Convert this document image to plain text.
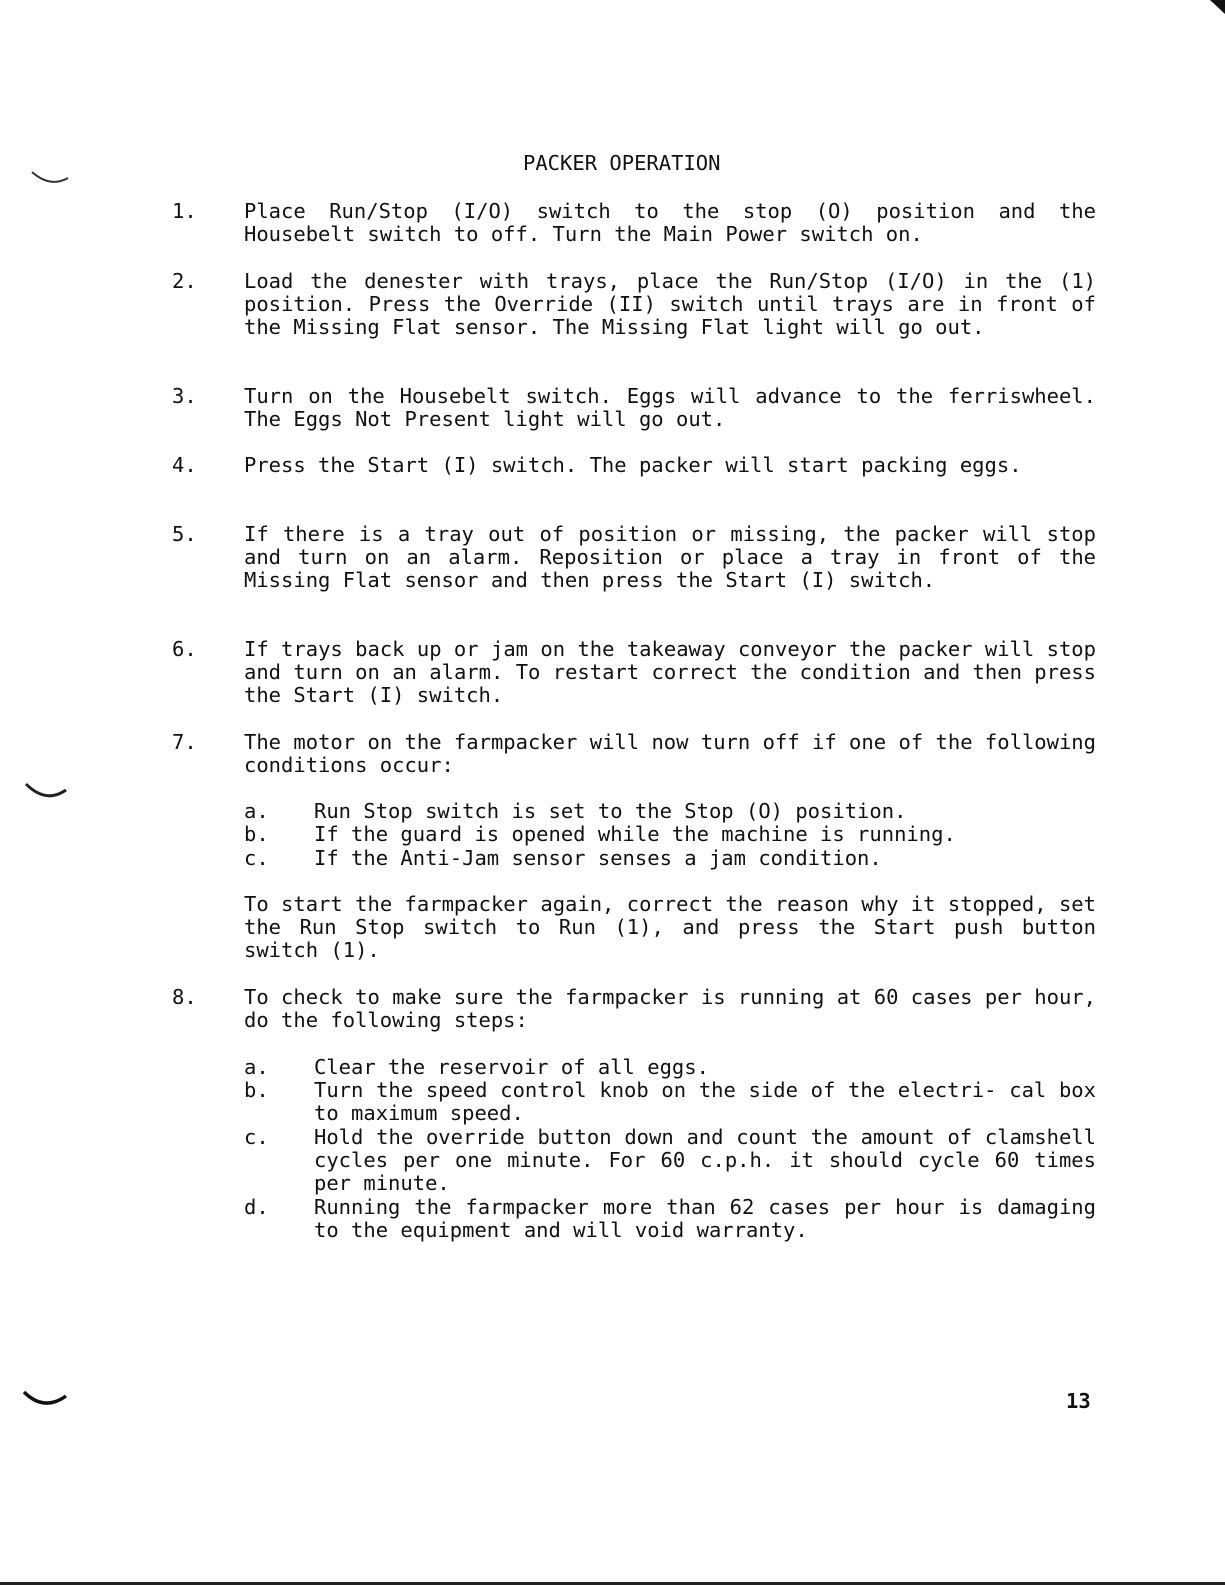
PACKER OPERATION
1. Place Run/Stop (I/O) switch to the stop (O) position and the Housebelt switch to off. Turn the Main Power switch on.

2. Load the denester with trays, place the Run/Stop (I/O) in the (1) position. Press the Override (II) switch until trays are in front of the Missing Flat sensor. The Missing Flat light will go out.

3. Turn on the Housebelt switch. Eggs will advance to the ferriswheel. The Eggs Not Present light will go out.

4. Press the Start (I) switch. The packer will start packing eggs.

5. If there is a tray out of position or missing, the packer will stop and turn on an alarm. Reposition or place a tray in front of the Missing Flat sensor and then press the Start (I) switch.

6. If trays back up or jam on the takeaway conveyor the packer will stop and turn on an alarm. To restart correct the condition and then press the Start (I) switch.

7. The motor on the farmpacker will now turn off if one of the following conditions occur:

a. Run Stop switch is set to the Stop (O) position.

b. If the guard is opened while the machine is running.

c. If the Anti-Jam sensor senses a jam condition.

To start the farmpacker again, correct the reason why it stopped, set the Run Stop switch to Run (1), and press the Start push button switch (1).

8. To check to make sure the farmpacker is running at 60 cases per hour, do the following steps:

a. Clear the reservoir of all eggs.

b. Turn the speed control knob on the side of the electri- cal box to maximum speed.

c. Hold the override button down and count the amount of clamshell cycles per one minute. For 60 c.p.h. it should cycle 60 times per minute.

d. Running the farmpacker more than 62 cases per hour is damaging to the equipment and will void warranty.

13
